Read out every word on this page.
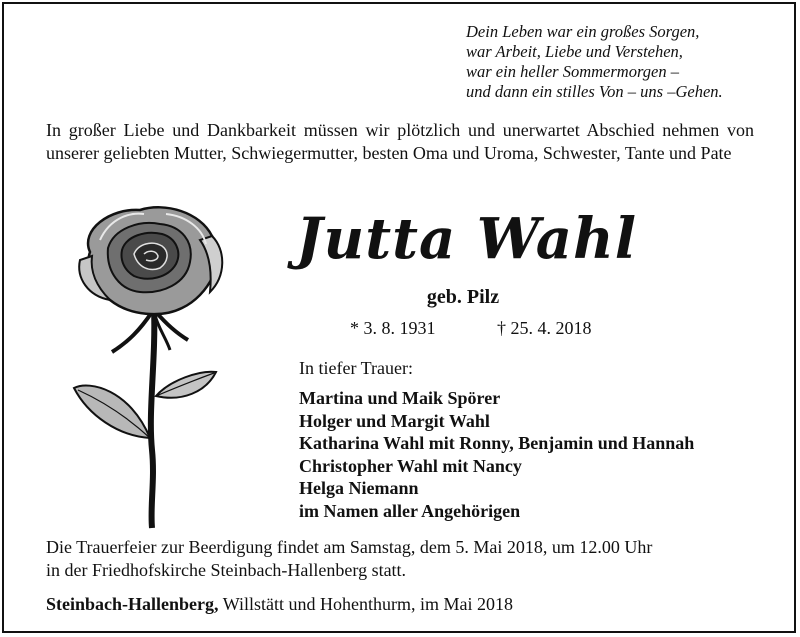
Dein Leben war ein großes Sorgen,
war Arbeit, Liebe und Verstehen,
war ein heller Sommermorgen –
und dann ein stilles Von – uns –Gehen.

In großer Liebe und Dankbarkeit müssen wir plötzlich und unerwartet Abschied nehmen von unserer geliebten Mutter, Schwiegermutter, besten Oma und Uroma, Schwester, Tante und Pate

Jutta Wahl
geb. Pilz
* 3. 8. 1931	† 25. 4. 2018
In tiefer Trauer:
Martina und Maik Spörer
Holger und Margit Wahl
Katharina Wahl mit Ronny, Benjamin und Hannah
Christopher Wahl mit Nancy
Helga Niemann
im Namen aller Angehörigen
Die Trauerfeier zur Beerdigung findet am Samstag, dem 5. Mai 2018, um 12.00 Uhr
in der Friedhofskirche Steinbach-Hallenberg statt.
Steinbach-Hallenberg, Willstätt und Hohenthurm, im Mai 2018
